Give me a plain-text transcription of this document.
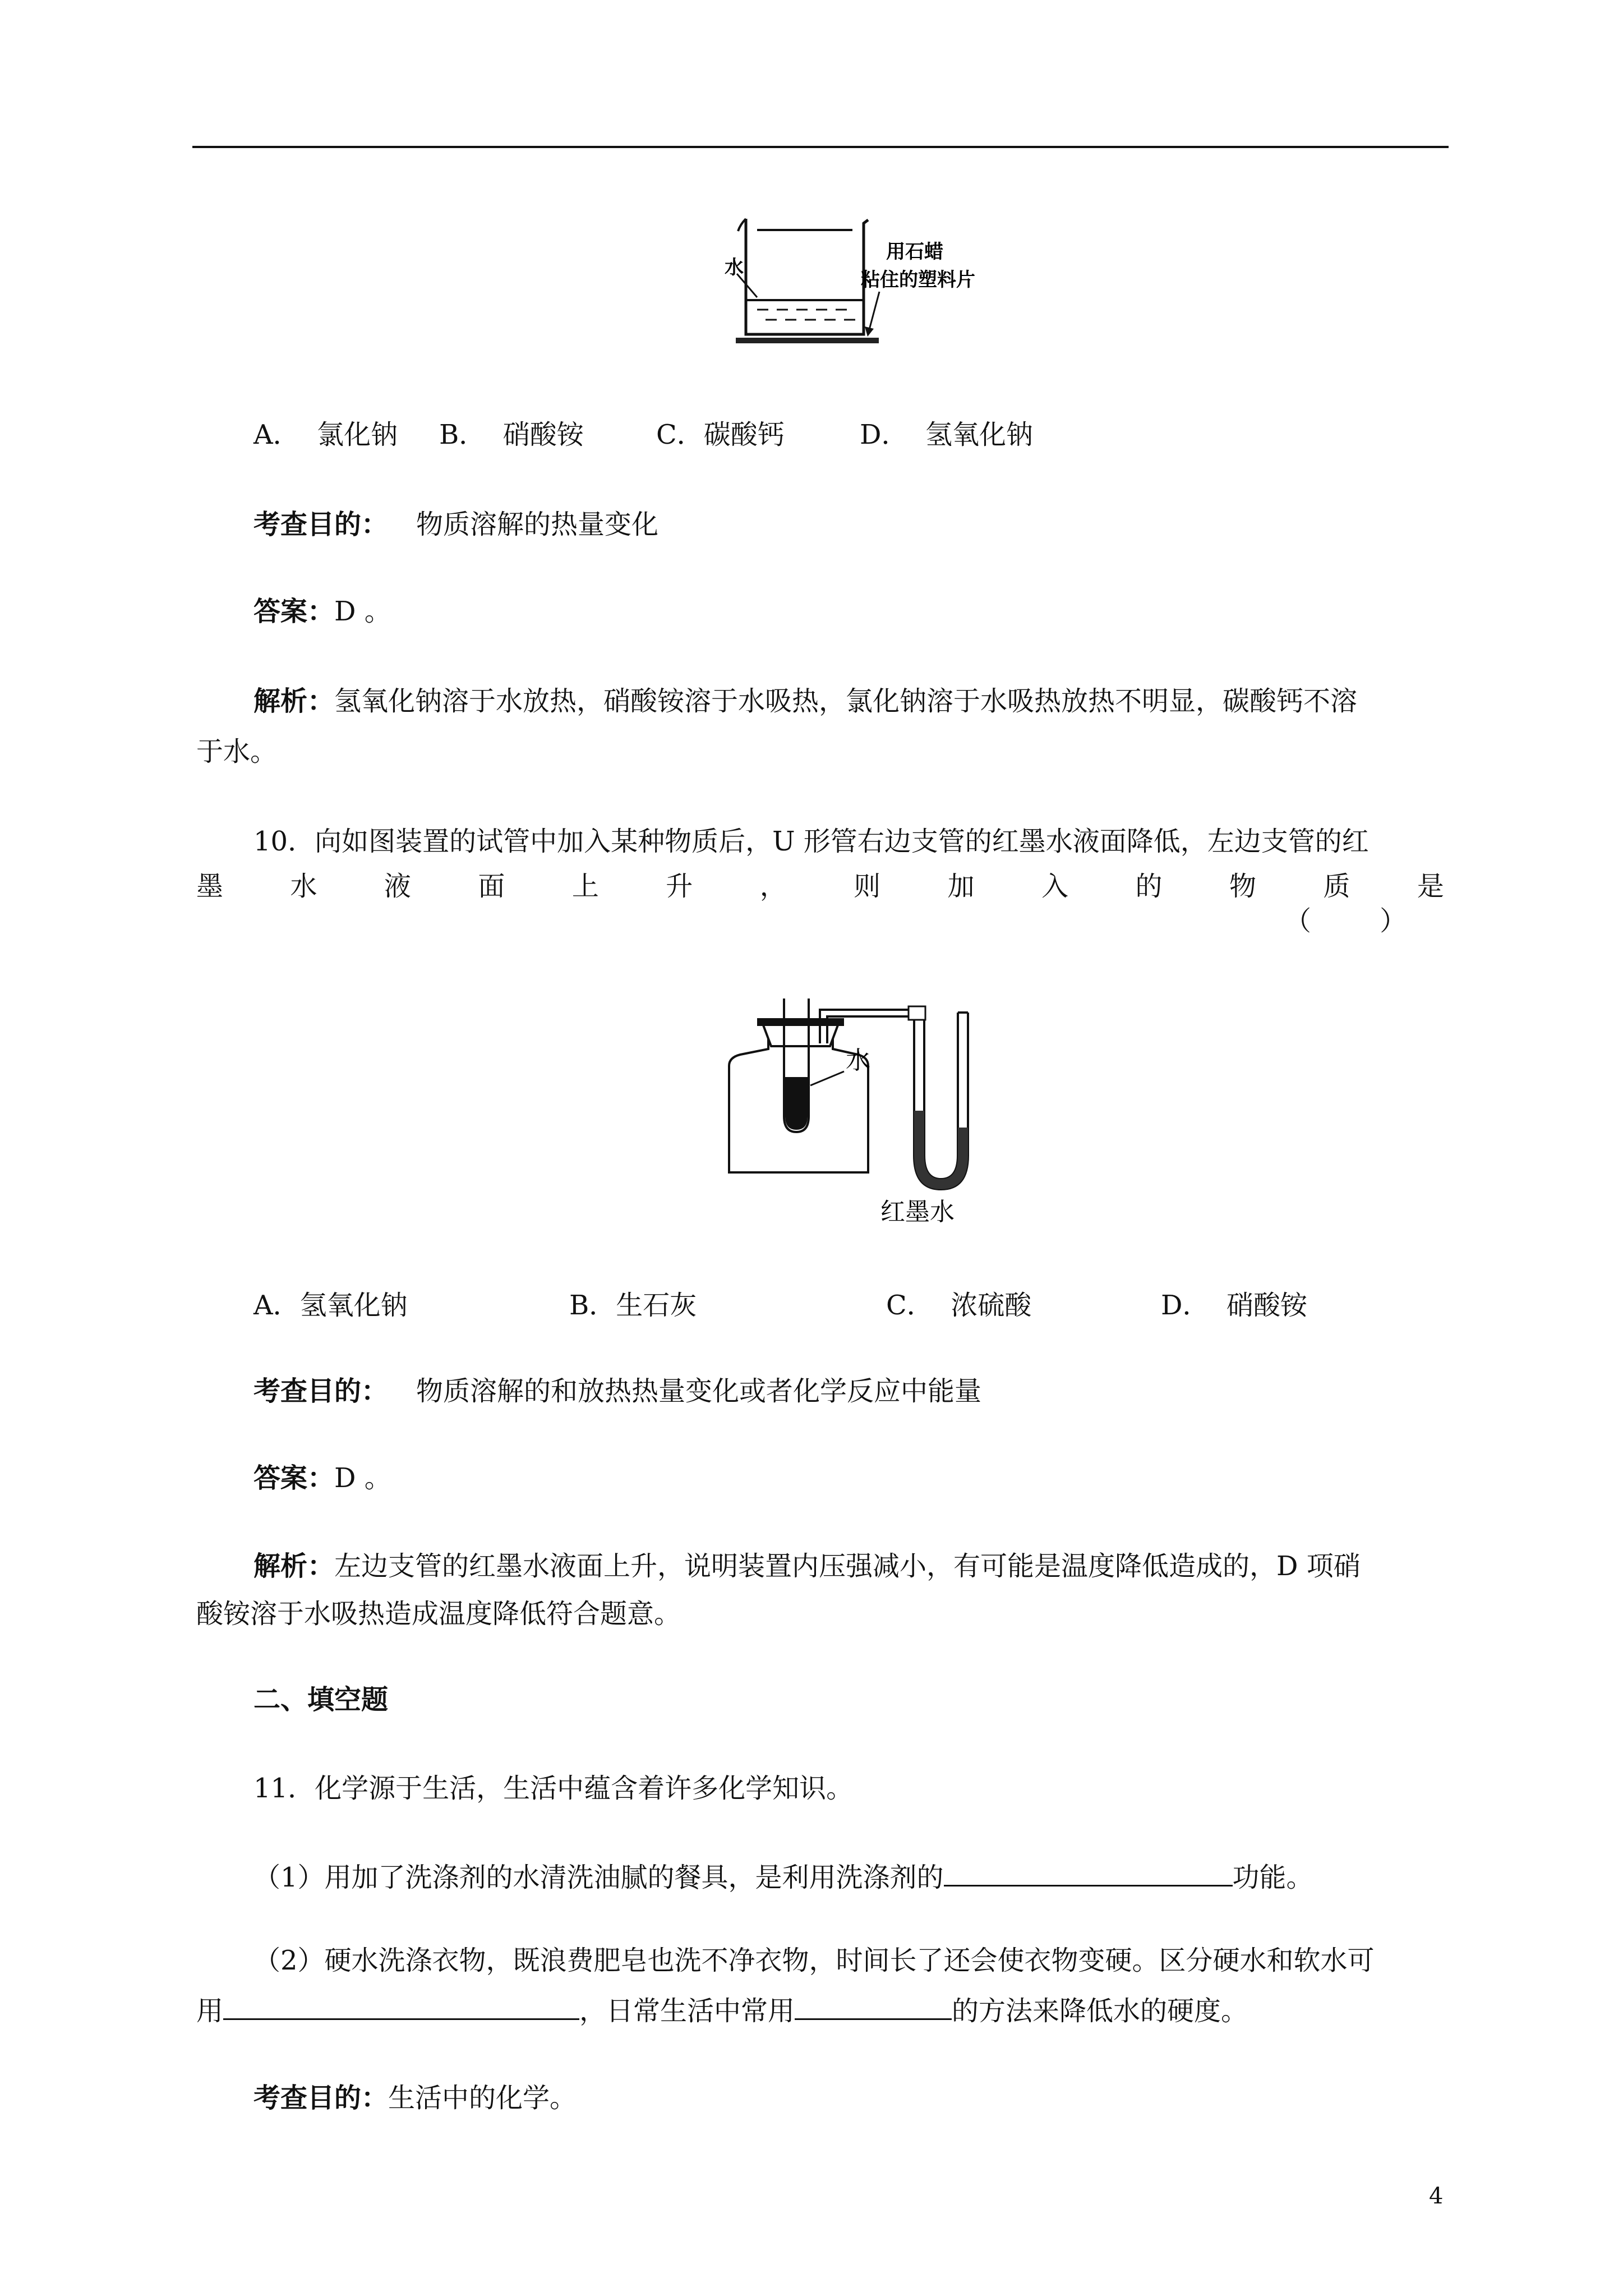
水
用石蜡
粘住的塑料片
A．  氯化钠 B．  硝酸铵	C．碳酸钙	D．  氢氧化钠
考查目的： 物质溶解的热量变化
答案：D 。
解析：氢氧化钠溶于水放热，硝酸铵溶于水吸热，氯化钠溶于水吸热放热不明显，碳酸钙不溶
于水。
10．向如图装置的试管中加入某种物质后，U 形管右边支管的红墨水液面降低，左边支管的红
墨 水 液 面 上 升 ， 则 加 入 的 物 质 是
（        ）
水
红墨水
A．氢氧化钠	B．生石灰	C．  浓硫酸	D．  硝酸铵
考查目的： 物质溶解的和放热热量变化或者化学反应中能量
答案：D 。
解析：左边支管的红墨水液面上升，说明装置内压强减小，有可能是温度降低造成的，D 项硝
酸铵溶于水吸热造成温度降低符合题意。
二、填空题
11．化学源于生活，生活中蕴含着许多化学知识。
（1）用加了洗涤剂的水清洗油腻的餐具，是利用洗涤剂的	功能。
（2）硬水洗涤衣物，既浪费肥皂也洗不净衣物，时间长了还会使衣物变硬。区分硬水和软水可
用	，日常生活中常用	的方法来降低水的硬度。
考查目的：生活中的化学。
4
